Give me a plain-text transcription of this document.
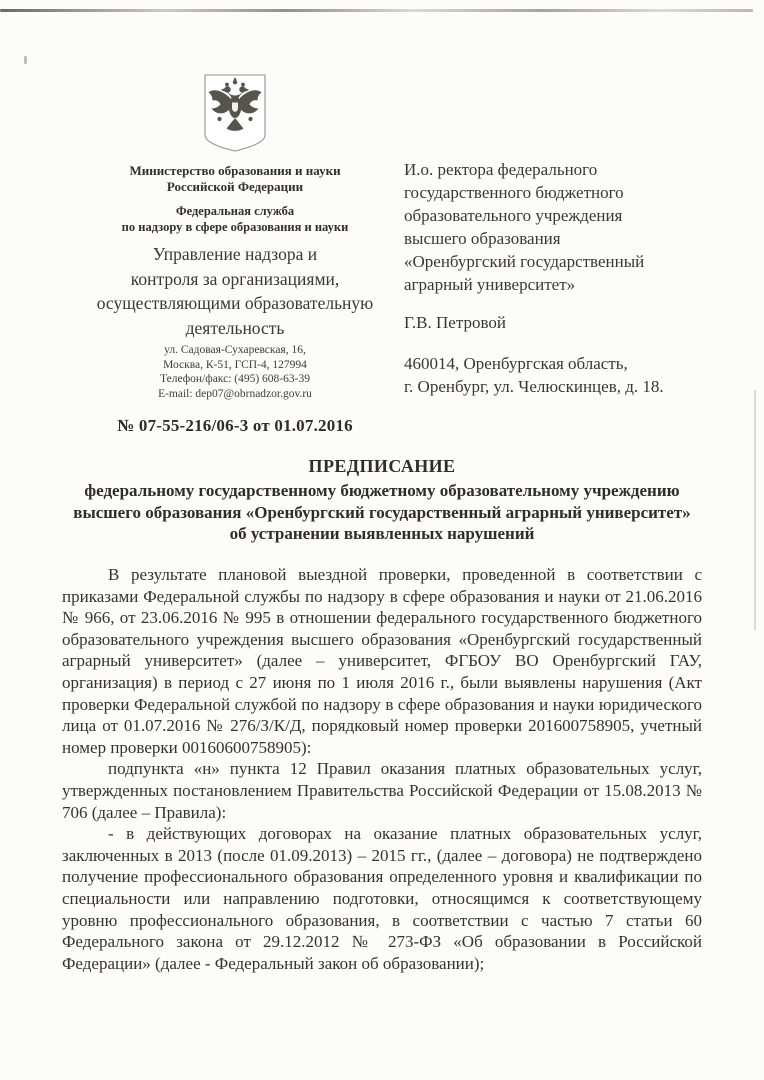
Министерство образования и науки
Российской Федерации
Федеральная служба
по надзору в сфере образования и науки
Управление надзора и
контроля за организациями,
осуществляющими образовательную
деятельность
ул. Садовая-Сухаревская, 16,
Москва, К-51, ГСП-4, 127994
Телефон/факс: (495) 608-63-39
E-mail: dep07@obrnadzor.gov.ru
№ 07-55-216/06-3 от 01.07.2016
И.о. ректора федерального
государственного бюджетного
образовательного учреждения
высшего образования
«Оренбургский государственный
аграрный университет»
Г.В. Петровой
460014, Оренбургская область,
г. Оренбург, ул. Челюскинцев, д. 18.
ПРЕДПИСАНИЕ
федеральному государственному бюджетному образовательному учреждению высшего образования «Оренбургский государственный аграрный университет» об устранении выявленных нарушений

В результате плановой выездной проверки, проведенной в соответствии с приказами Федеральной службы по надзору в сфере образования и науки от 21.06.2016 № 966, от 23.06.2016 № 995 в отношении федерального государственного бюджетного образовательного учреждения высшего образования «Оренбургский государственный аграрный университет» (далее – университет, ФГБОУ ВО Оренбургский ГАУ, организация) в период с 27 июня по 1 июля 2016 г., были выявлены нарушения (Акт проверки Федеральной службой по надзору в сфере образования и науки юридического лица от 01.07.2016 № 276/З/К/Д, порядковый номер проверки 201600758905, учетный номер проверки 00160600758905):

подпункта «н» пункта 12 Правил оказания платных образовательных услуг, утвержденных постановлением Правительства Российской Федерации от 15.08.2013 № 706 (далее – Правила):

- в действующих договорах на оказание платных образовательных услуг, заключенных в 2013 (после 01.09.2013) – 2015 гг., (далее – договора) не подтверждено получение профессионального образования определенного уровня и квалификации по специальности или направлению подготовки, относящимся к соответствующему уровню профессионального образования, в соответствии с частью 7 статьи 60 Федерального закона от 29.12.2012 № 273-ФЗ «Об образовании в Российской Федерации» (далее - Федеральный закон об образовании);
